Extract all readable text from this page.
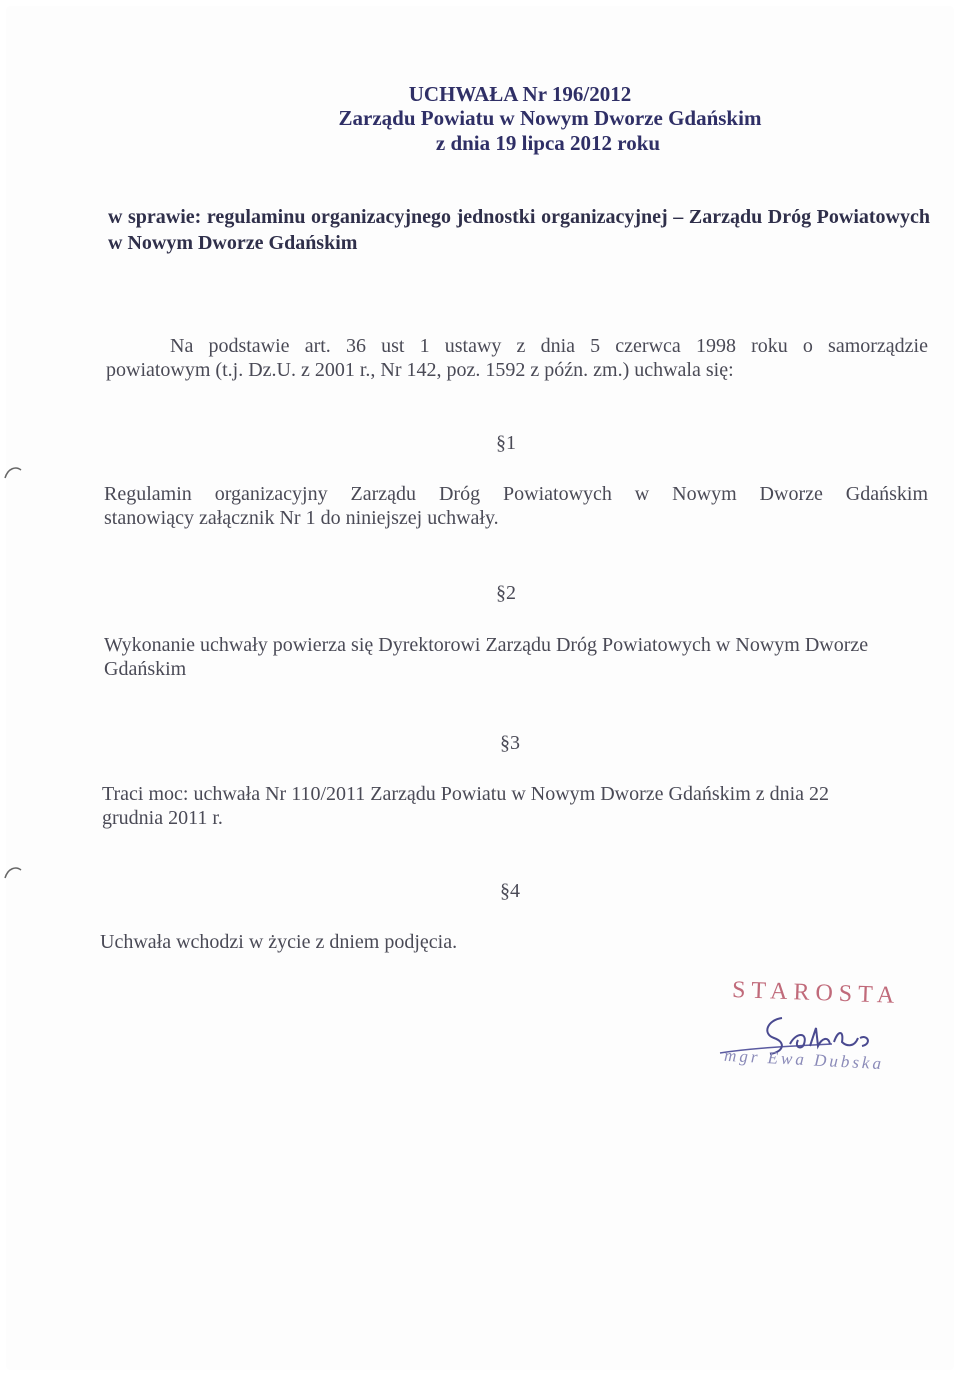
UCHWAŁA Nr 196/2012
Zarządu Powiatu w Nowym Dworze Gdańskim
z dnia 19 lipca 2012 roku
w sprawie: regulaminu organizacyjnego jednostki organizacyjnej – Zarządu Dróg Powiatowych w Nowym Dworze Gdańskim
Na podstawie art. 36 ust 1 ustawy z dnia 5 czerwca 1998 roku o samorządzie
powiatowym (t.j. Dz.U. z 2001 r., Nr 142, poz. 1592 z późn. zm.) uchwala się:
§1
Regulamin organizacyjny Zarządu Dróg Powiatowych w Nowym Dworze Gdańskim
stanowiący załącznik Nr 1 do niniejszej uchwały.
§2
Wykonanie uchwały powierza się Dyrektorowi Zarządu Dróg Powiatowych w Nowym Dworze Gdańskim
§3
Traci moc: uchwała Nr 110/2011 Zarządu Powiatu w Nowym Dworze Gdańskim z dnia 22 grudnia 2011 r.
§4
Uchwała wchodzi w życie z dniem podjęcia.
STAROSTA
mgr Ewa Dubska
